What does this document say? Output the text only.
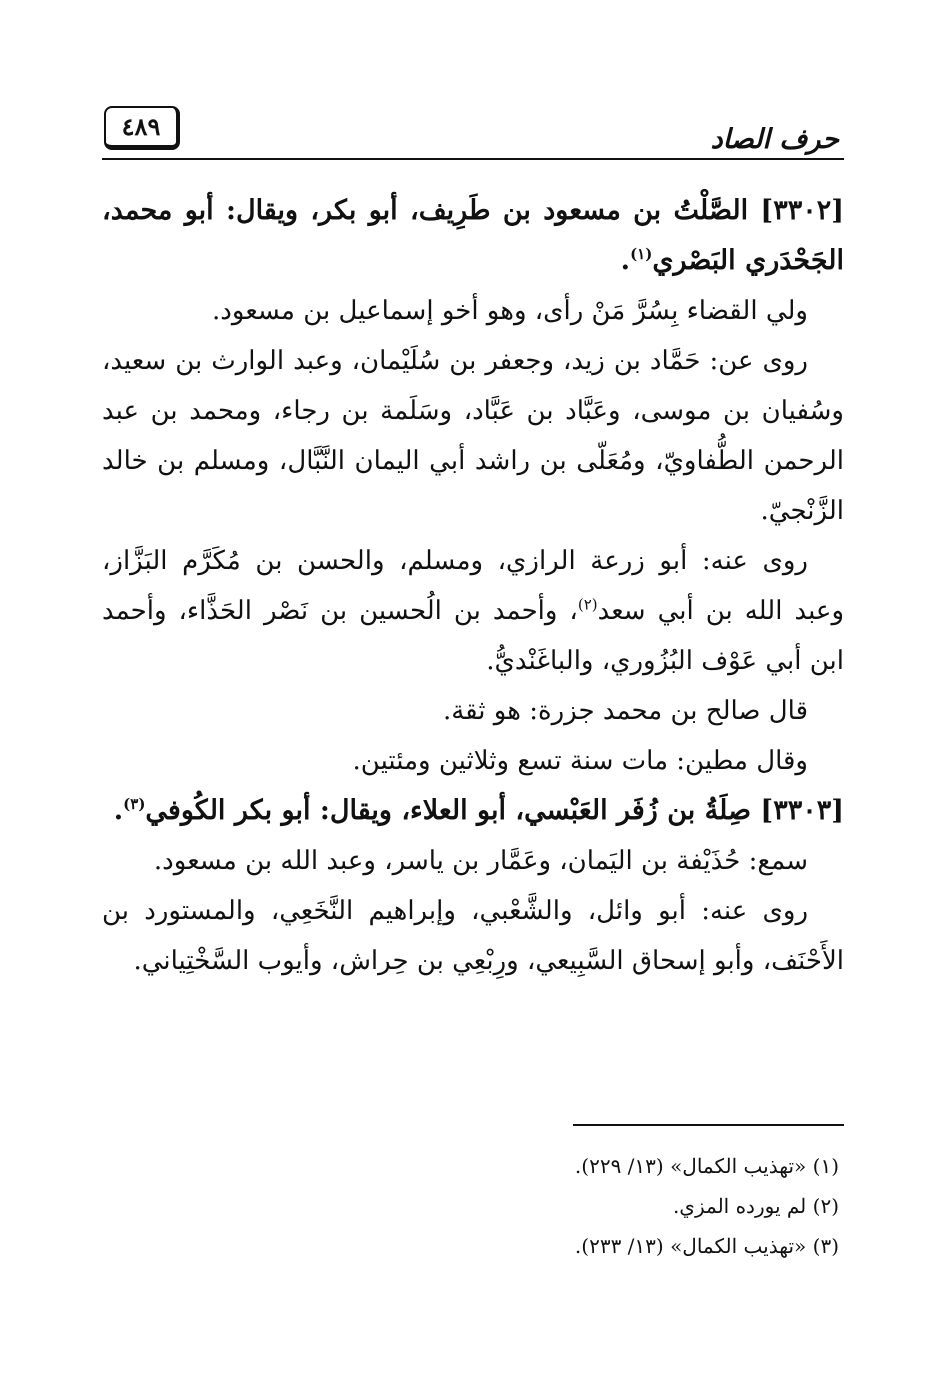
حرف الصاد
٤٨٩

[٣٣٠٢] الصَّلْتُ بن مسعود بن طَرِيف، أبو بكر، ويقال: أبو محمد، الجَحْدَري البَصْري$^{(١)}$.

ولي القضاء بِسُرَّ مَنْ رأى، وهو أخو إسماعيل بن مسعود.

روى عن: حَمَّاد بن زيد، وجعفر بن سُلَيْمان، وعبد الوارث بن سعيد، وسُفيان بن موسى، وعَبَّاد بن عَبَّاد، وسَلَمة بن رجاء، ومحمد بن عبد الرحمن الطُّفاويّ، ومُعَلّى بن راشد أبي اليمان النَّبَّال، ومسلم بن خالد الزَّنْجيّ.

روى عنه: أبو زرعة الرازي، ومسلم، والحسن بن مُكَرَّم البَزَّاز، وعبد الله بن أبي سعد$^{(٢)}$، وأحمد بن الُحسين بن نَصْر الحَذَّاء، وأحمد ابن أبي عَوْف البُزُوري، والباغَنْديُّ.

قال صالح بن محمد جزرة: هو ثقة.

وقال مطين: مات سنة تسع وثلاثين ومئتين.

[٣٣٠٣] صِلَةُ بن زُفَر العَبْسي، أبو العلاء، ويقال: أبو بكر الكُوفي$^{(٣)}$.

سمع: حُذَيْفة بن اليَمان، وعَمَّار بن ياسر، وعبد الله بن مسعود.

روى عنه: أبو وائل، والشَّعْبي، وإبراهيم النَّخَعِي، والمستورد بن الأَحْنَف، وأبو إسحاق السَّبِيعي، ورِبْعِي بن حِراش، وأيوب السَّخْتِياني.

(١) «تهذيب الكمال» (١٣/ ٢٢٩).

(٢) لم يورده المزي.

(٣) «تهذيب الكمال» (١٣/ ٢٣٣).
